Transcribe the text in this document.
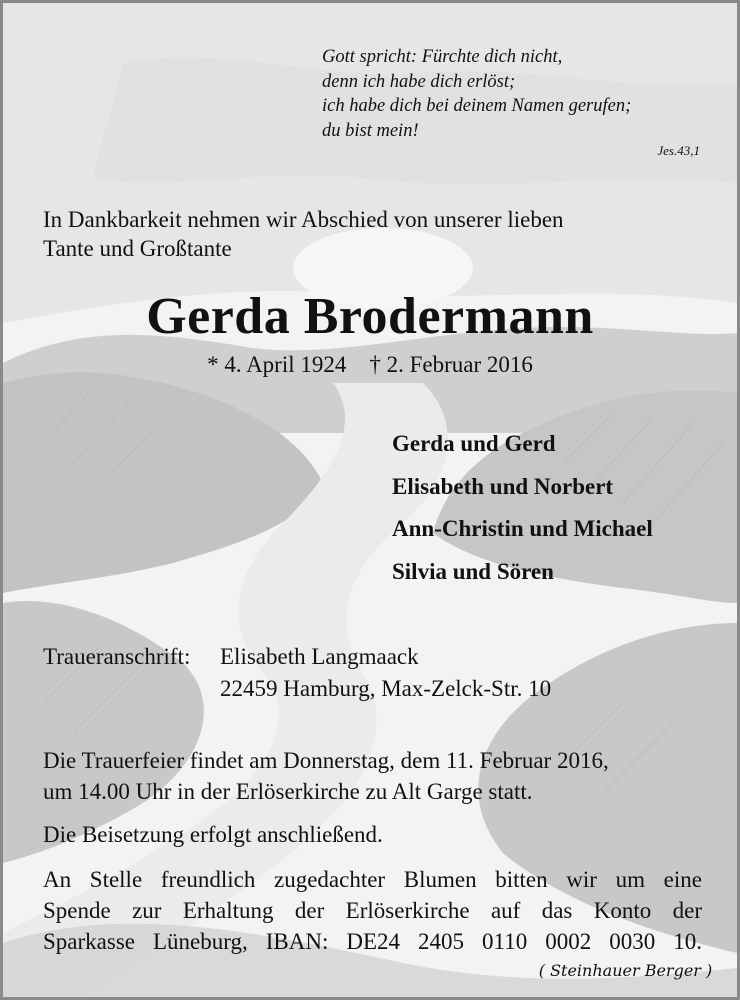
Gott spricht: Fürchte dich nicht,
denn ich habe dich erlöst;
ich habe dich bei deinem Namen gerufen;
du bist mein!
Jes.43,1
In Dankbarkeit nehmen wir Abschied von unserer lieben
Tante und Großtante
Gerda Brodermann
* 4. April 1924    † 2. Februar 2016
Gerda und Gerd
Elisabeth und Norbert
Ann-Christin und Michael
Silvia und Sören
Traueranschrift:	Elisabeth Langmaack
22459 Hamburg, Max-Zelck-Str. 10
Die Trauerfeier findet am Donnerstag, dem 11. Februar 2016,
um 14.00 Uhr in der Erlöserkirche zu Alt Garge statt.
Die Beisetzung erfolgt anschließend.
An Stelle freundlich zugedachter Blumen bitten wir um eine
Spende zur Erhaltung der Erlöserkirche auf das Konto der
Sparkasse Lüneburg, IBAN: DE24 2405 0110 0002 0030 10.
( Steinhauer Berger )
